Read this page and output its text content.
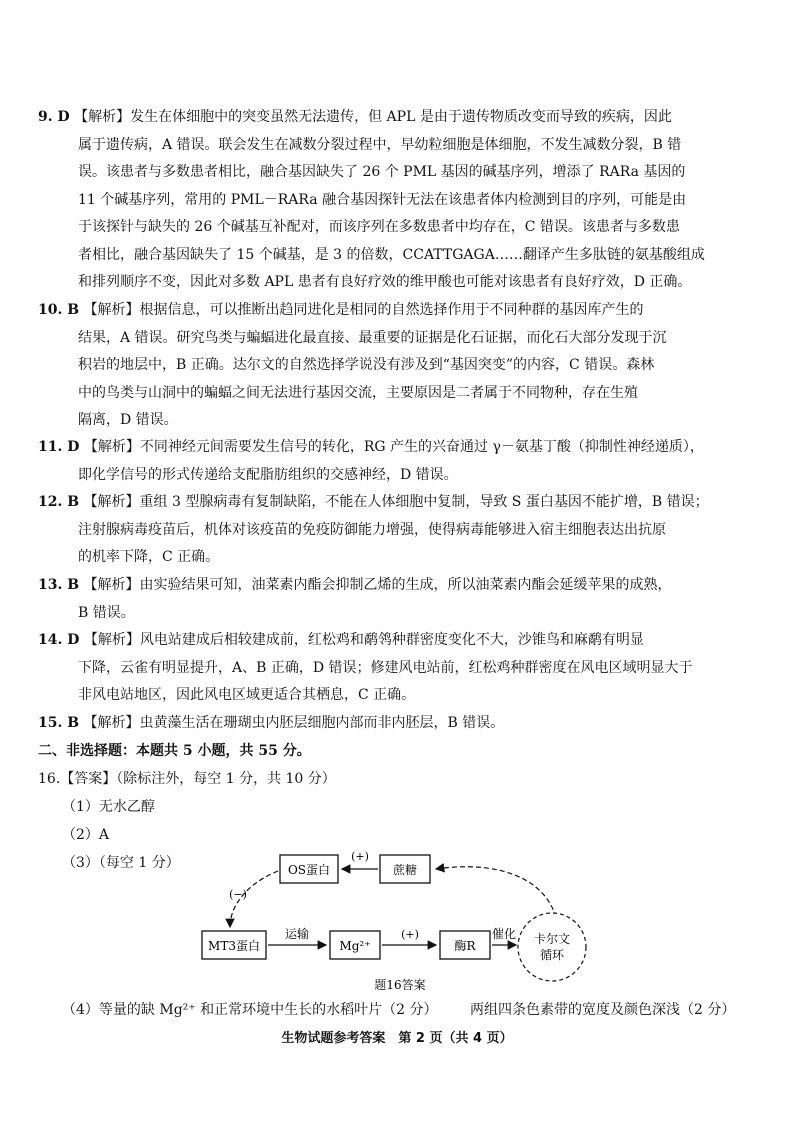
9. D 【解析】发生在体细胞中的突变虽然无法遗传，但 APL 是由于遗传物质改变而导致的疾病，因此
属于遗传病，A 错误。联会发生在减数分裂过程中，早幼粒细胞是体细胞，不发生减数分裂，B 错
误。该患者与多数患者相比，融合基因缺失了 26 个 PML 基因的碱基序列，增添了 RARa 基因的
11 个碱基序列，常用的 PML－RARa 融合基因探针无法在该患者体内检测到目的序列，可能是由
于该探针与缺失的 26 个碱基互补配对，而该序列在多数患者中均存在，C 错误。该患者与多数患
者相比，融合基因缺失了 15 个碱基，是 3 的倍数，CCATTGAGA……翻译产生多肽链的氨基酸组成
和排列顺序不变，因此对多数 APL 患者有良好疗效的维甲酸也可能对该患者有良好疗效，D 正确。
10. B 【解析】根据信息，可以推断出趋同进化是相同的自然选择作用于不同种群的基因库产生的
结果，A 错误。研究鸟类与蝙蝠进化最直接、最重要的证据是化石证据，而化石大部分发现于沉
积岩的地层中，B 正确。达尔文的自然选择学说没有涉及到“基因突变”的内容，C 错误。森林
中的鸟类与山洞中的蝙蝠之间无法进行基因交流，主要原因是二者属于不同物种，存在生殖
隔离，D 错误。
11. D 【解析】不同神经元间需要发生信号的转化，RG 产生的兴奋通过 γ－氨基丁酸（抑制性神经递质），
即化学信号的形式传递给支配脂肪组织的交感神经，D 错误。
12. B 【解析】重组 3 型腺病毒有复制缺陷，不能在人体细胞中复制，导致 S 蛋白基因不能扩增，B 错误；
注射腺病毒疫苗后，机体对该疫苗的免疫防御能力增强，使得病毒能够进入宿主细胞表达出抗原
的机率下降，C 正确。
13. B 【解析】由实验结果可知，油菜素内酯会抑制乙烯的生成，所以油菜素内酯会延缓苹果的成熟，
B 错误。
14. D 【解析】风电站建成后相较建成前，红松鸡和鹬鸰种群密度变化不大，沙锥鸟和麻鹬有明显
下降，云雀有明显提升，A、B 正确，D 错误；修建风电站前，红松鸡种群密度在风电区域明显大于
非风电站地区，因此风电区域更适合其栖息，C 正确。
15. B 【解析】虫黄藻生活在珊瑚虫内胚层细胞内部而非内胚层，B 错误。
二、非选择题：本题共 5 小题，共 55 分。
16.【答案】（除标注外，每空 1 分，共 10 分）
（1）无水乙醇
（2）A
（3）（每空 1 分）	OS蛋白	蔗糖
(+)
(−)
MT3蛋白	Mg²⁺
运输
酶R
(+)	卡尔文
循环
催化
题16答案
（4）等量的缺 Mg²⁺ 和正常环境中生长的水稻叶片（2 分） 两组四条色素带的宽度及颜色深浅（2 分）
生物试题参考答案　第 2 页（共 4 页）
